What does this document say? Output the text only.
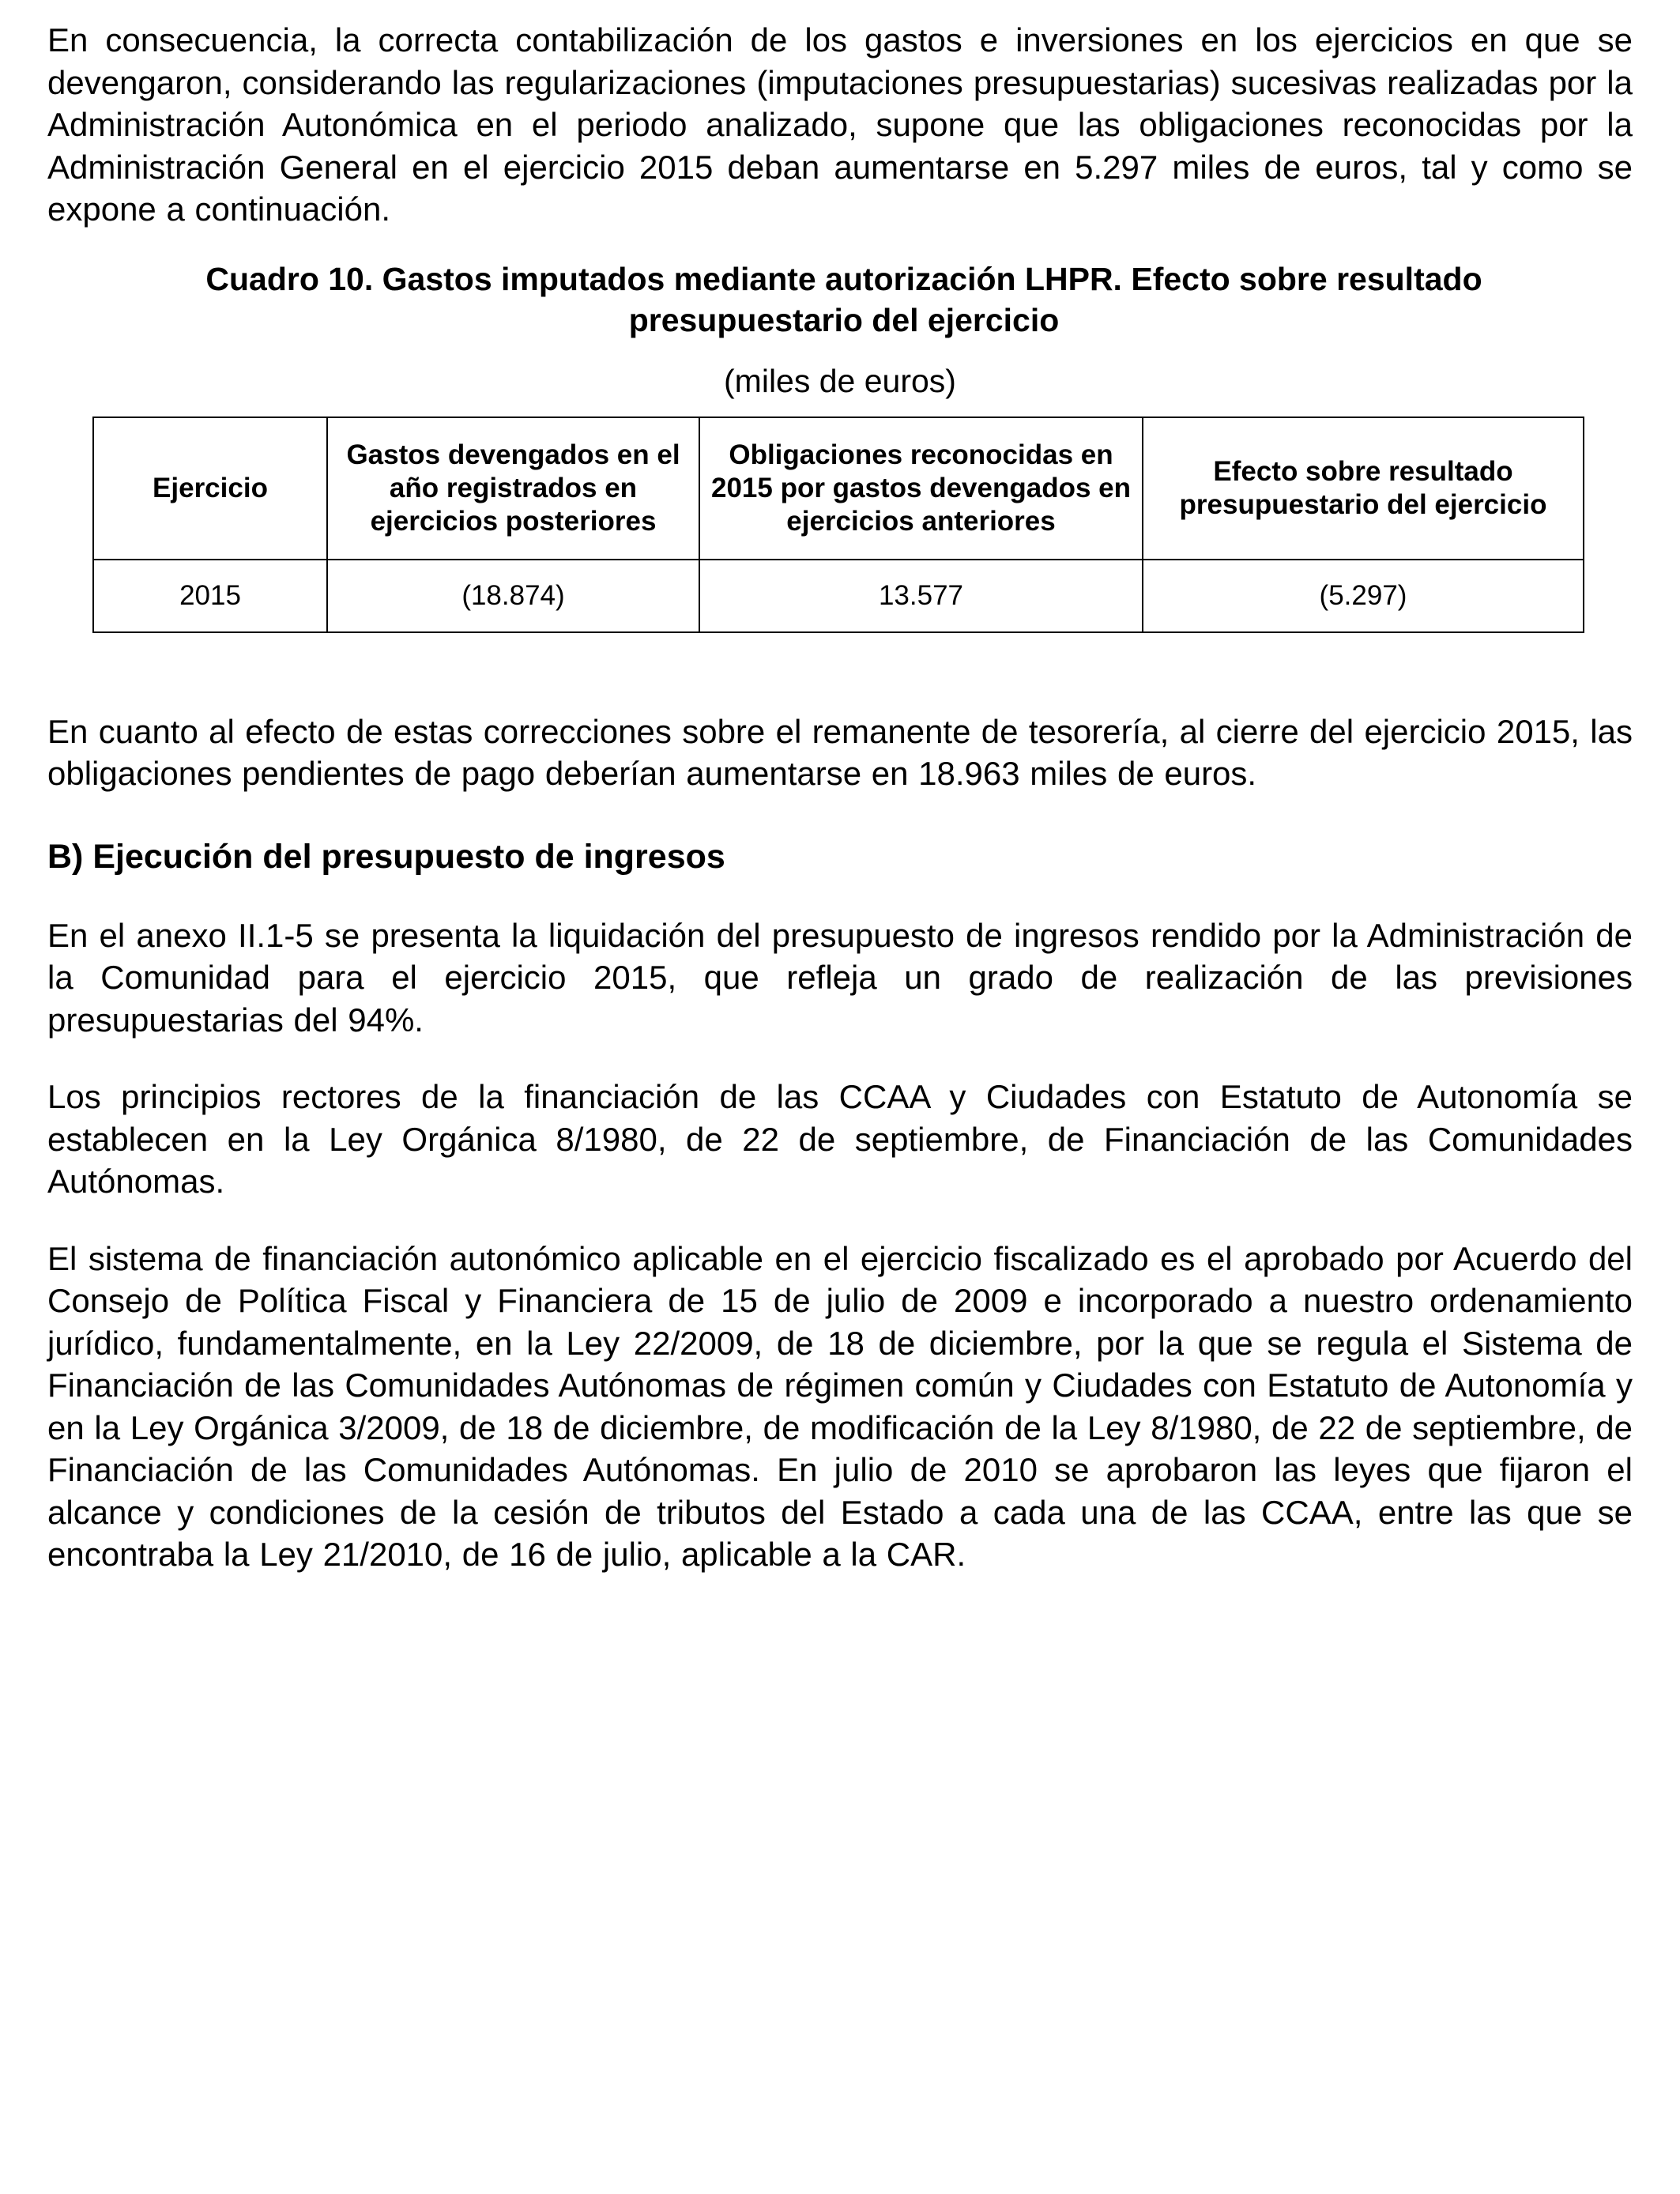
En consecuencia, la correcta contabilización de los gastos e inversiones en los ejercicios en que se devengaron, considerando las regularizaciones (imputaciones presupuestarias) sucesivas realizadas por la Administración Autonómica en el periodo analizado, supone que las obligaciones reconocidas por la Administración General en el ejercicio 2015 deban aumentarse en 5.297 miles de euros, tal y como se expone a continuación.

Cuadro 10. Gastos imputados mediante autorización LHPR. Efecto sobre resultado

presupuestario del ejercicio

(miles de euros)

Ejercicio	Gastos devengados en el año registrados en ejercicios posteriores	Obligaciones reconocidas en 2015 por gastos devengados en ejercicios anteriores	Efecto sobre resultado presupuestario del ejercicio
2015	(18.874)	13.577	(5.297)

En cuanto al efecto de estas correcciones sobre el remanente de tesorería, al cierre del ejercicio 2015, las obligaciones pendientes de pago deberían aumentarse en 18.963 miles de euros.

B) Ejecución del presupuesto de ingresos

En el anexo II.1-5 se presenta la liquidación del presupuesto de ingresos rendido por la Administración de la Comunidad para el ejercicio 2015, que refleja un grado de realización de las previsiones presupuestarias del 94%.

Los principios rectores de la financiación de las CCAA y Ciudades con Estatuto de Autonomía se establecen en la Ley Orgánica 8/1980, de 22 de septiembre, de Financiación de las Comunidades Autónomas.

El sistema de financiación autonómico aplicable en el ejercicio fiscalizado es el aprobado por Acuerdo del Consejo de Política Fiscal y Financiera de 15 de julio de 2009 e incorporado a nuestro ordenamiento jurídico, fundamentalmente, en la Ley 22/2009, de 18 de diciembre, por la que se regula el Sistema de Financiación de las Comunidades Autónomas de régimen común y Ciudades con Estatuto de Autonomía y en la Ley Orgánica 3/2009, de 18 de diciembre, de modificación de la Ley 8/1980, de 22 de septiembre, de Financiación de las Comunidades Autónomas. En julio de 2010 se aprobaron las leyes que fijaron el alcance y condiciones de la cesión de tributos del Estado a cada una de las CCAA, entre las que se encontraba la Ley 21/2010, de 16 de julio, aplicable a la CAR.
